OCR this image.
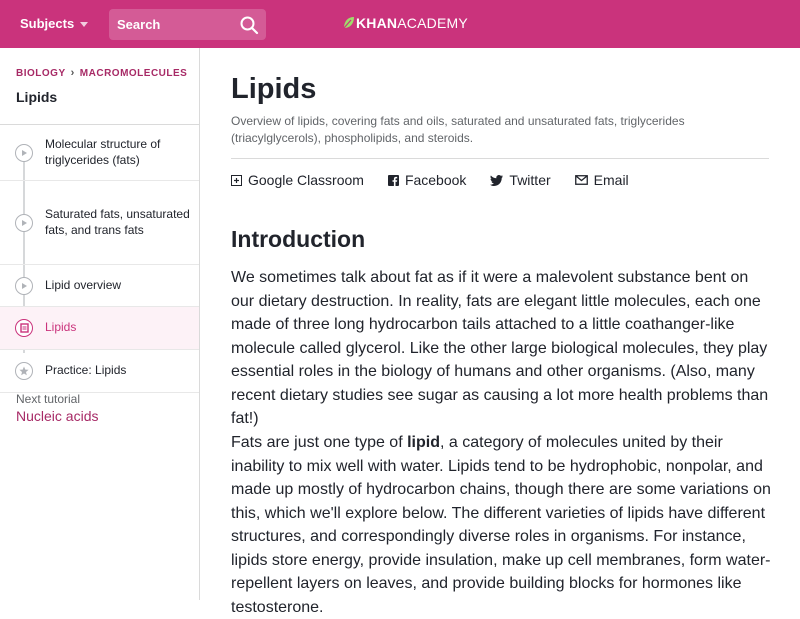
Subjects
Search	KHAN ACADEMY
BIOLOGY › MACROMOLECULES
Lipids
Molecular structure of triglycerides (fats)
Saturated fats, unsaturated fats, and trans fats
Lipid overview
Lipids
Practice: Lipids
Next tutorial
Nucleic acids
Lipids

Overview of lipids, covering fats and oils, saturated and unsaturated fats, triglycerides (triacylglycerols), phospholipids, and steroids.

Google Classroom	Facebook	Twitter	Email
Introduction

We sometimes talk about fat as if it were a malevolent substance bent on our dietary destruction. In reality, fats are elegant little molecules, each one made of three long hydrocarbon tails attached to a little coathanger-like molecule called glycerol. Like the other large biological molecules, they play essential roles in the biology of humans and other organisms. (Also, many recent dietary studies see sugar as causing a lot more health problems than fat!)

Fats are just one type of lipid, a category of molecules united by their inability to mix well with water. Lipids tend to be hydrophobic, nonpolar, and made up mostly of hydrocarbon chains, though there are some variations on this, which we'll explore below. The different varieties of lipids have different structures, and correspondingly diverse roles in organisms. For instance, lipids store energy, provide insulation, make up cell membranes, form water-repellent layers on leaves, and provide building blocks for hormones like testosterone.
